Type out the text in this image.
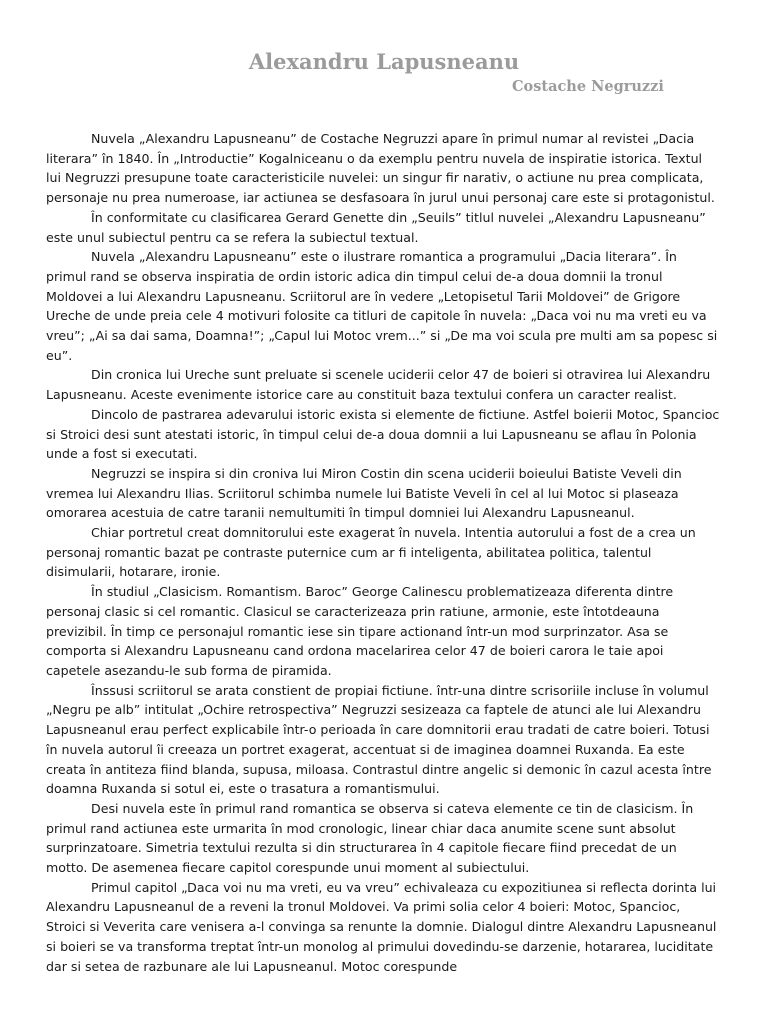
Alexandru Lapusneanu
Costache Negruzzi

Nuvela „Alexandru Lapusneanu” de Costache Negruzzi apare în primul numar al revistei „Dacia literara” în 1840. În „Introductie” Kogalniceanu o da exemplu pentru nuvela de inspiratie istorica. Textul lui Negruzzi presupune toate caracteristicile nuvelei: un singur fir narativ, o actiune nu prea complicata, personaje nu prea numeroase, iar actiunea se desfasoara în jurul unui personaj care este si protagonistul.

În conformitate cu clasificarea Gerard Genette din „Seuils” titlul nuvelei „Alexandru Lapusneanu” este unul subiectul pentru ca se refera la subiectul textual.

Nuvela „Alexandru Lapusneanu” este o ilustrare romantica a programului „Dacia literara”. În primul rand se observa inspiratia de ordin istoric adica din timpul celui de-a doua domnii la tronul Moldovei a lui Alexandru Lapusneanu. Scriitorul are în vedere „Letopisetul Tarii Moldovei” de Grigore Ureche de unde preia cele 4 motivuri folosite ca titluri de capitole în nuvela: „Daca voi nu ma vreti eu va vreu”; „Ai sa dai sama, Doamna!”; „Capul lui Motoc vrem...” si „De ma voi scula pre multi am sa popesc si eu”.

Din cronica lui Ureche sunt preluate si scenele uciderii celor 47 de boieri si otravirea lui Alexandru Lapusneanu. Aceste evenimente istorice care au constituit baza textului confera un caracter realist.

Dincolo de pastrarea adevarului istoric exista si elemente de fictiune. Astfel boierii Motoc, Spancioc si Stroici desi sunt atestati istoric, în timpul celui de-a doua domnii a lui Lapusneanu se aflau în Polonia unde a fost si executati.

Negruzzi se inspira si din croniva lui Miron Costin din scena uciderii boieului Batiste Veveli din vremea lui Alexandru Ilias. Scriitorul schimba numele lui Batiste Veveli în cel al lui Motoc si plaseaza omorarea acestuia de catre taranii nemultumiti în timpul domniei lui Alexandru Lapusneanul.

Chiar portretul creat domnitorului este exagerat în nuvela. Intentia autorului a fost de a crea un personaj romantic bazat pe contraste puternice cum ar fi inteligenta, abilitatea politica, talentul disimularii, hotarare, ironie.

În studiul „Clasicism. Romantism. Baroc” George Calinescu problematizeaza diferenta dintre personaj clasic si cel romantic. Clasicul se caracterizeaza prin ratiune, armonie, este întotdeauna previzibil. În timp ce personajul romantic iese sin tipare actionand într-un mod surprinzator. Asa se comporta si Alexandru Lapusneanu cand ordona macelarirea celor 47 de boieri carora le taie apoi capetele asezandu-le sub forma de piramida.

Înssusi scriitorul se arata constient de propiai fictiune. într-una dintre scrisoriile incluse în volumul „Negru pe alb” intitulat „Ochire retrospectiva” Negruzzi sesizeaza ca faptele de atunci ale lui Alexandru Lapusneanul erau perfect explicabile într-o perioada în care domnitorii erau tradati de catre boieri. Totusi în nuvela autorul îi creeaza un portret exagerat, accentuat si de imaginea doamnei Ruxanda. Ea este creata în antiteza fiind blanda, supusa, miloasa. Contrastul dintre angelic si demonic în cazul acesta între doamna Ruxanda si sotul ei, este o trasatura a romantismului.

Desi nuvela este în primul rand romantica se observa si cateva elemente ce tin de clasicism. În primul rand actiunea este urmarita în mod cronologic, linear chiar daca anumite scene sunt absolut surprinzatoare. Simetria textului rezulta si din structurarea în 4 capitole fiecare fiind precedat de un motto. De asemenea fiecare capitol corespunde unui moment al subiectului.

Primul capitol „Daca voi nu ma vreti, eu va vreu” echivaleaza cu expozitiunea si reflecta dorinta lui Alexandru Lapusneanul de a reveni la tronul Moldovei. Va primi solia celor 4 boieri: Motoc, Spancioc, Stroici si Veverita care venisera a-l convinga sa renunte la domnie. Dialogul dintre Alexandru Lapusneanul si boieri se va transforma treptat într-un monolog al primului dovedindu-se darzenie, hotararea, luciditate dar si setea de razbunare ale lui Lapusneanul. Motoc corespunde
